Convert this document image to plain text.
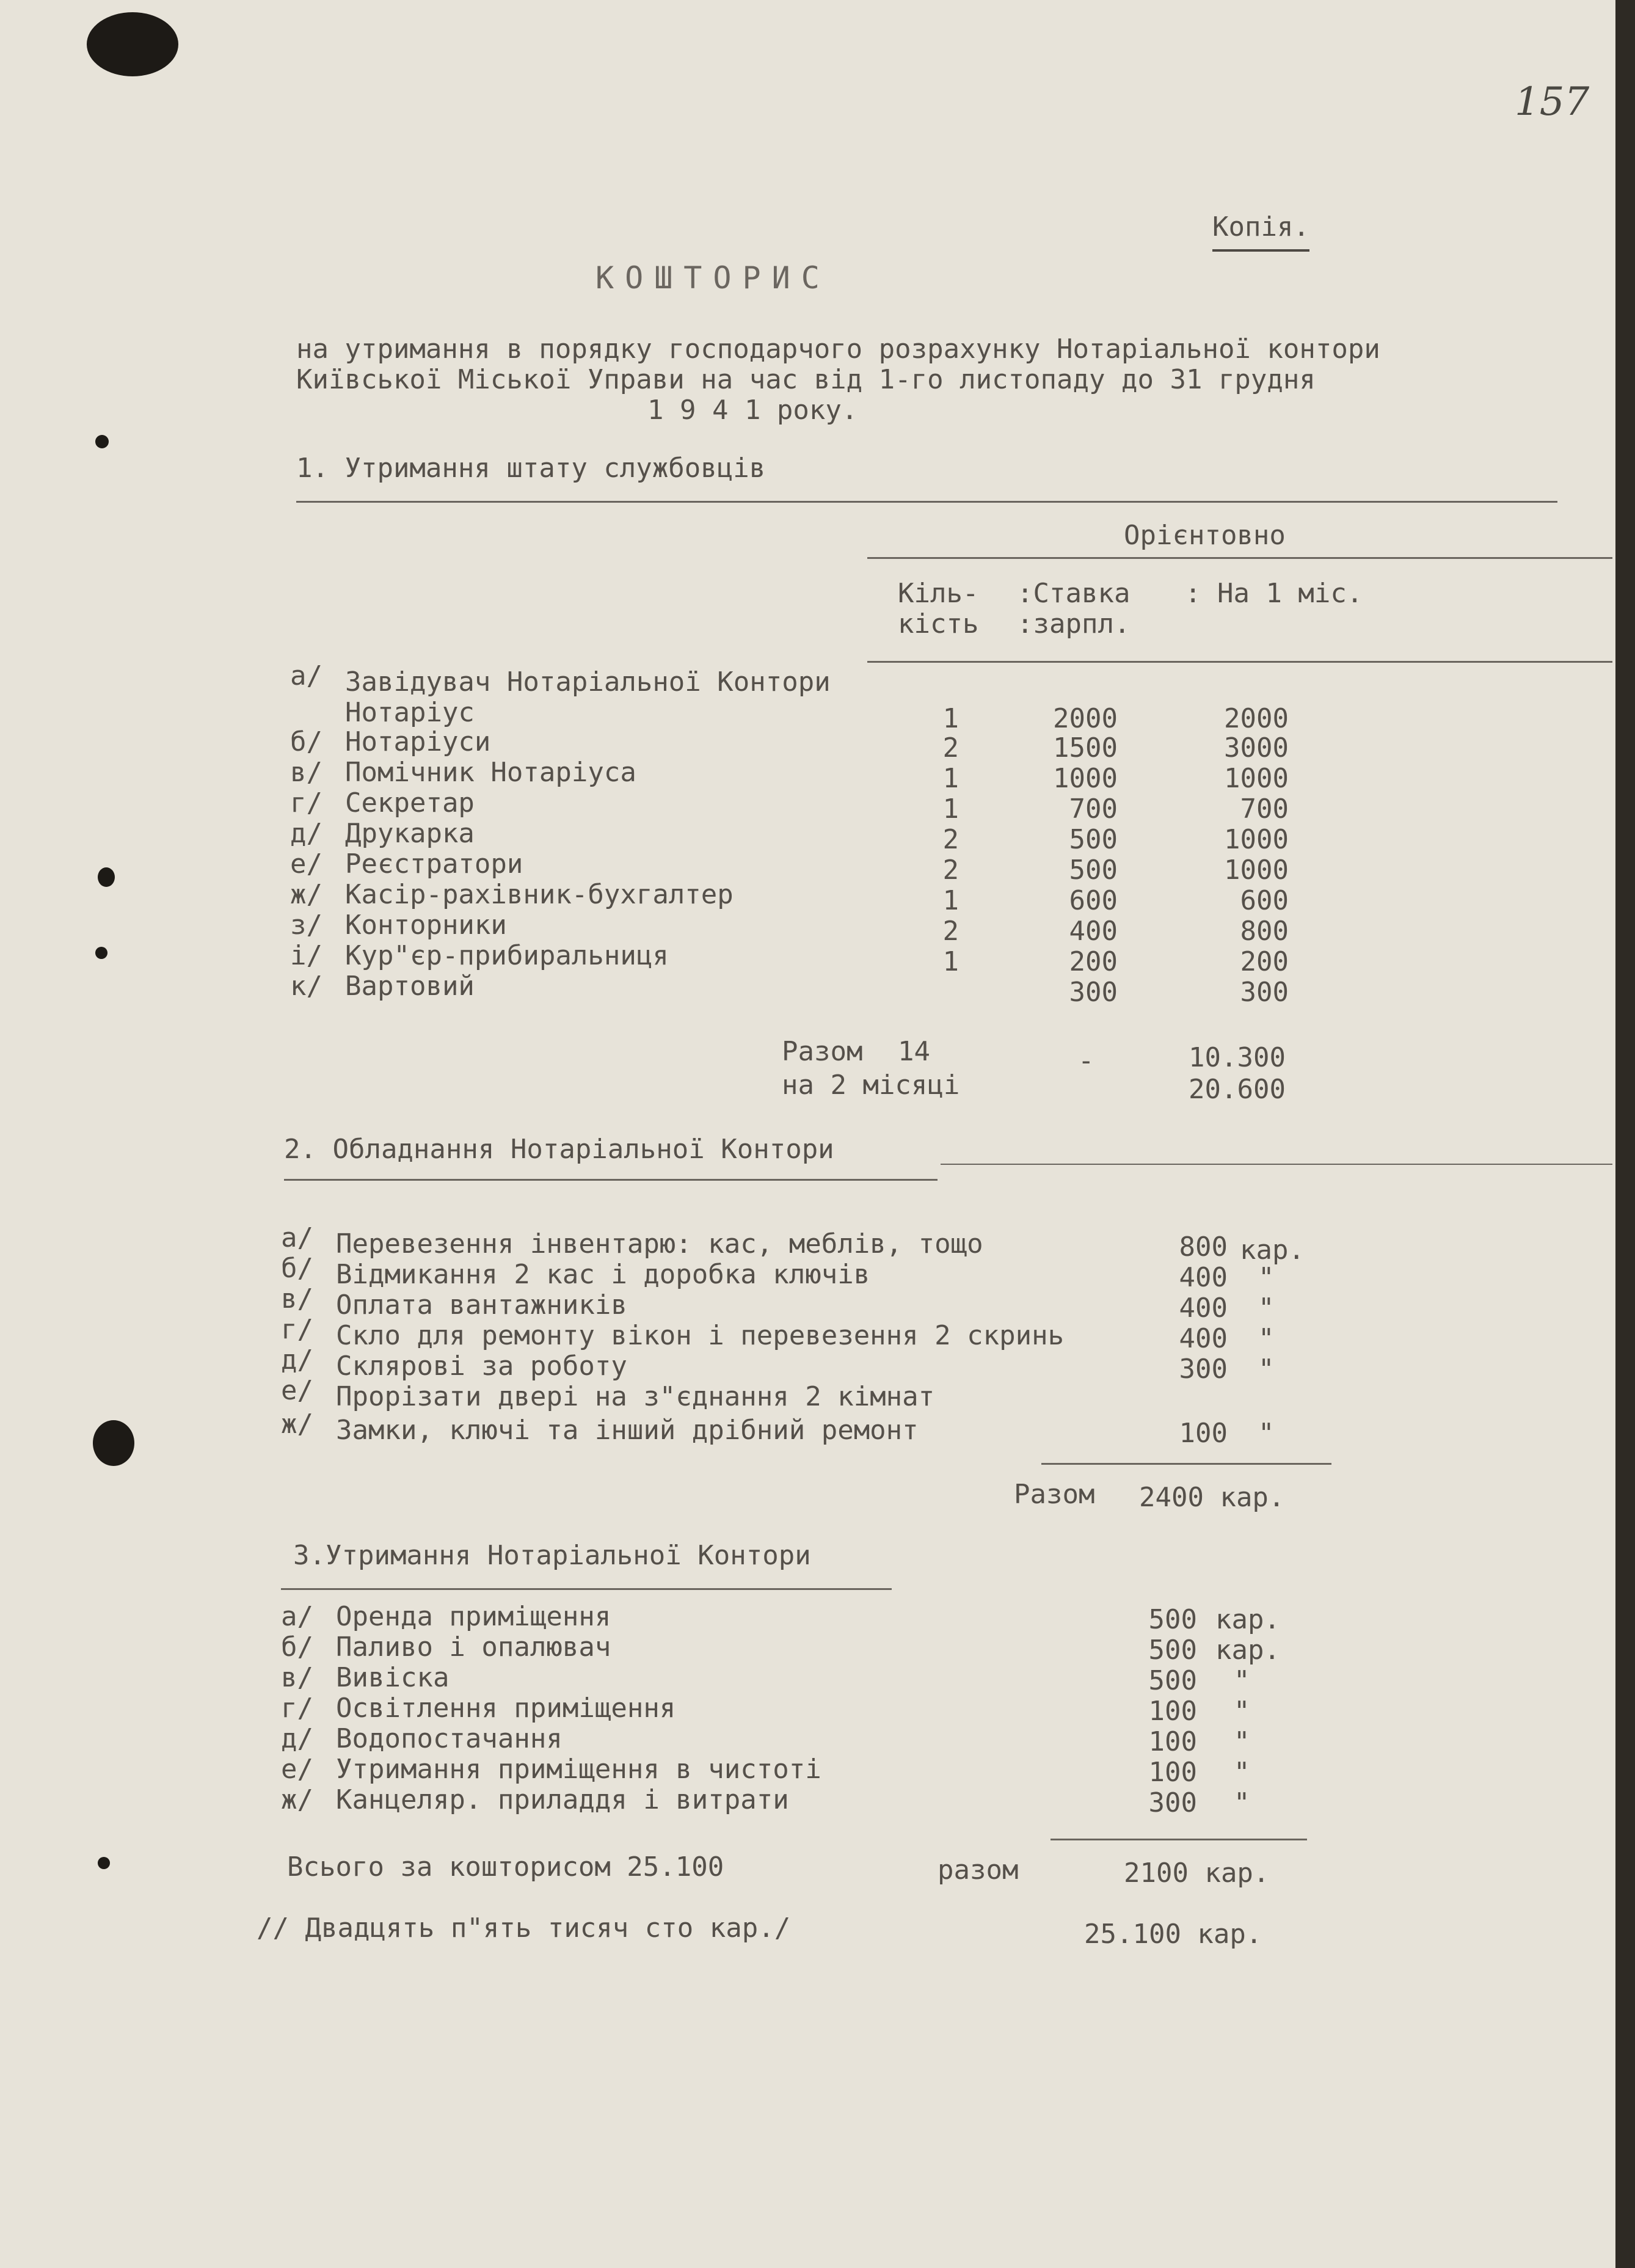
157
Копія.
КОШТОРИС
на утримання в порядку господарчого розрахунку Нотаріальної контори
Київської Міської Управи на час від 1-го листопаду до 31 грудня
1 9 4 1 року.
1. Утримання штату службовців
Орієнтовно
Кіль-
кість
:Ставка
:зарпл.
: На 1 міс.
а/ Завідувач Нотаріальної Контори
Нотаріус	1	2000	2000
б/ Нотаріуси	2	1500	3000
в/ Помічник Нотаріуса	1	1000	1000
г/ Секретар	1	700	700
д/ Друкарка	2	500	1000
е/ Реєстратори	2	500	1000
ж/ Касір-рахівник-бухгалтер	1	600	600
з/ Конторники	2	400	800
і/ Кур"єр-прибиральниця	1	200	200
к/ Вартовий	300	300
Разом 14	-	10.300
на 2 місяці	20.600
2. Обладнання Нотаріальної Контори
а/ Перевезення інвентарю: кас, меблів, тощо	800 кар.
б/ Відмикання 2 кас і доробка ключів	400 "
в/ Оплата вантажників	400 "
г/ Скло для ремонту вікон і перевезення 2 скринь	400 "
д/ Склярові за роботу	300 "
е/ Прорізати двері на з"єднання 2 кімнат
ж/ Замки, ключі та інший дрібний ремонт	100 "
Разом 2400 кар.
3.Утримання Нотаріальної Контори
а/ Оренда приміщення	500 кар.
б/ Паливо і опалювач	500 кар.
в/ Вивіска	500 "
г/ Освітлення приміщення	100 "
д/ Водопостачання	100 "
е/ Утримання приміщення в чистоті	100 "
ж/ Канцеляр. приладдя і витрати	300 "
Всього за кошторисом 25.100	разом	2100 кар.
// Двадцять п"ять тисяч сто кар./	25.100 кар.
